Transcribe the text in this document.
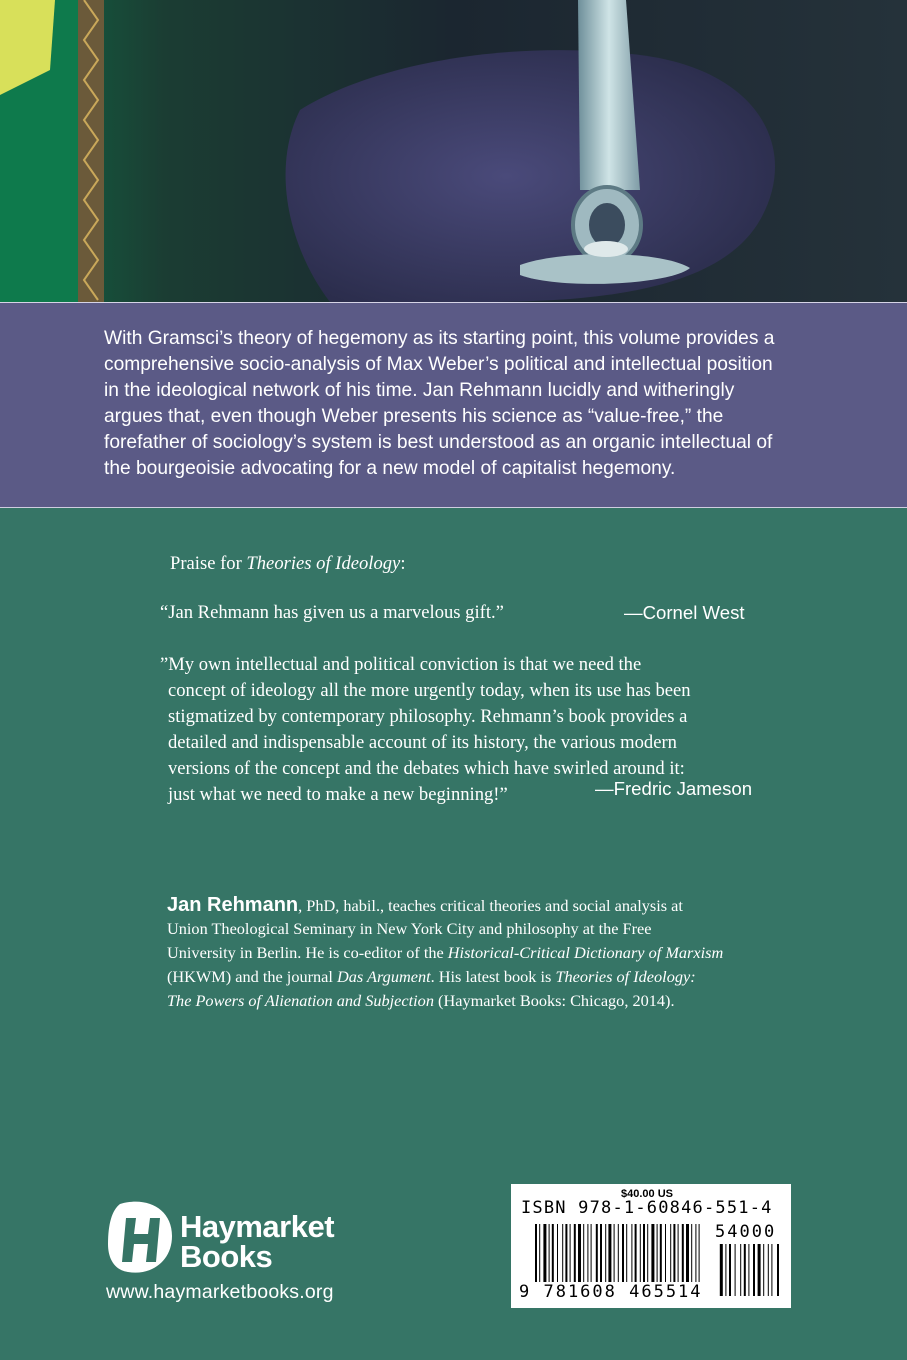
With Gramsci’s theory of hegemony as its starting point, this volume provides a
comprehensive socio-analysis of Max Weber’s political and intellectual position
in the ideological network of his time. Jan Rehmann lucidly and witheringly
argues that, even though Weber presents his science as “value-free,” the
forefather of sociology’s system is best understood as an organic intellectual of
the bourgeoisie advocating for a new model of capitalist hegemony.
Praise for Theories of Ideology:
“Jan Rehmann has given us a marvelous gift.”	—Cornel West
”My own intellectual and political conviction is that we need the
concept of ideology all the more urgently today, when its use has been
stigmatized by contemporary philosophy. Rehmann’s book provides a
detailed and indispensable account of its history, the various modern
versions of the concept and the debates which have swirled around it:
just what we need to make a new beginning!”	—Fredric Jameson
Jan Rehmann, PhD, habil., teaches critical theories and social analysis at
Union Theological Seminary in New York City and philosophy at the Free
University in Berlin. He is co-editor of the Historical-Critical Dictionary of Marxism
(HKWM) and the journal Das Argument. His latest book is Theories of Ideology:
The Powers of Alienation and Subjection (Haymarket Books: Chicago, 2014).
Haymarket
Books
www.haymarketbooks.org
$40.00 US
ISBN 978-1-60846-551-4
54000
9 781608 465514
